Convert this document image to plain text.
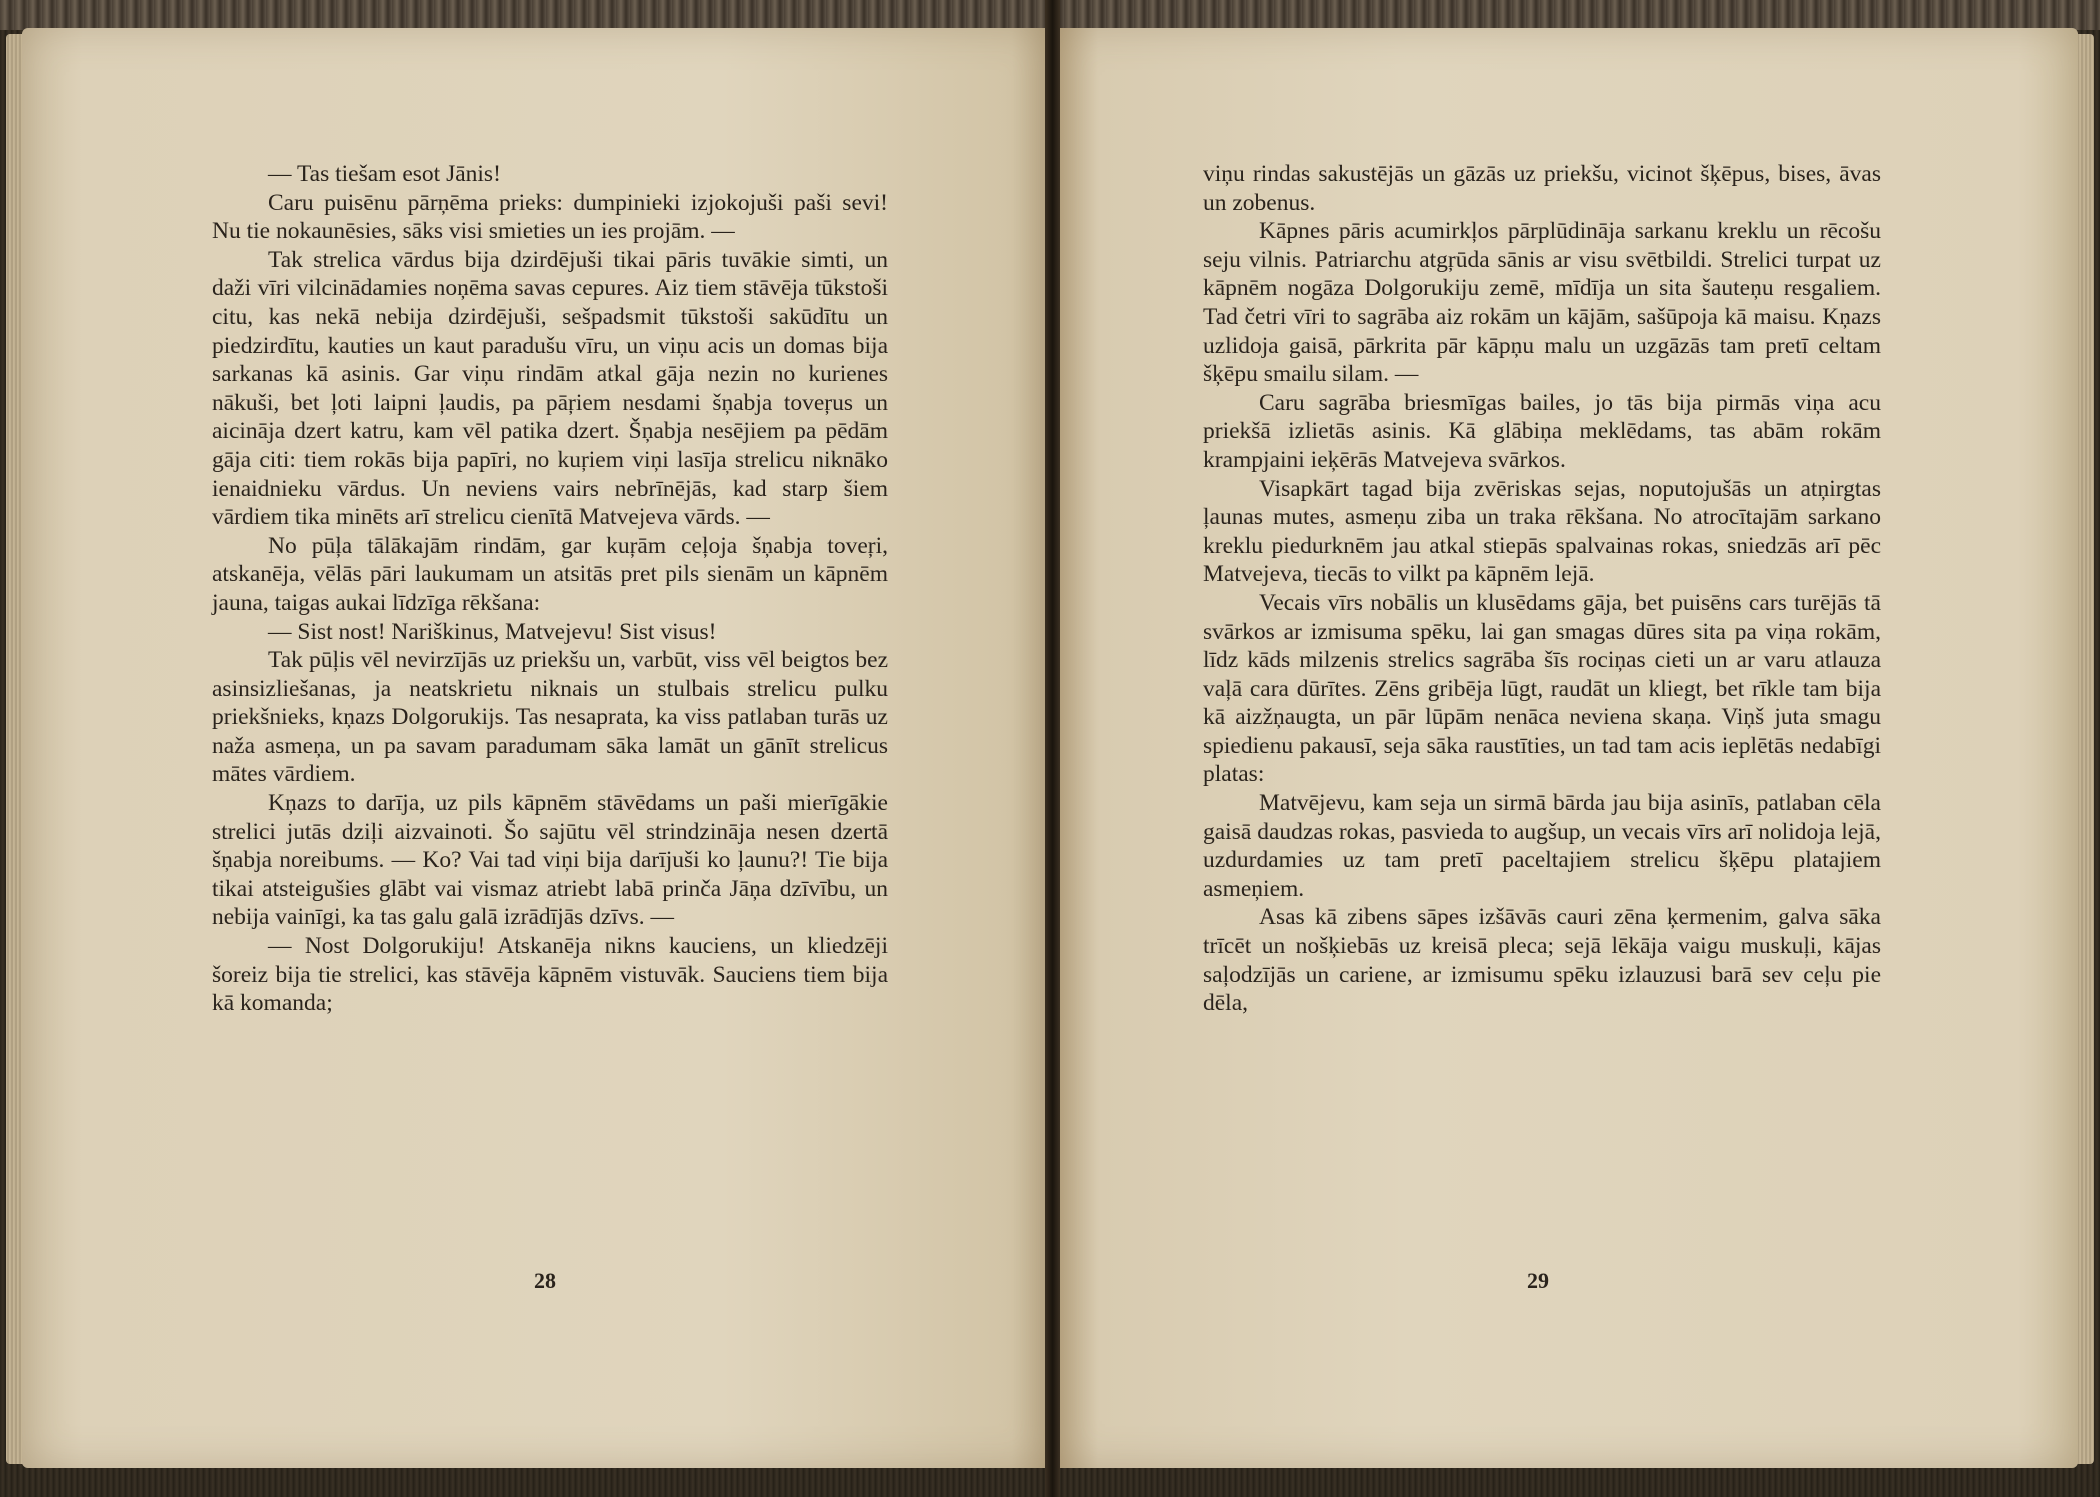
— Tas tiešam esot Jānis!

Caru puisēnu pārņēma prieks: dumpinieki izjokojuši paši sevi! Nu tie nokaunēsies, sāks visi smieties un ies projām. —

Tak strelica vārdus bija dzirdējuši tikai pāris tuvākie simti, un daži vīri vilcinādamies noņēma savas cepures. Aiz tiem stāvēja tūkstoši citu, kas nekā nebija dzirdējuši, sešpadsmit tūkstoši sakūdītu un piedzirdītu, kauties un kaut paradušu vīru, un viņu acis un domas bija sarkanas kā asinis. Gar viņu rindām atkal gāja nezin no kurienes nākuši, bet ļoti laipni ļaudis, pa pāŗiem nesdami šņabja toveŗus un aicināja dzert katru, kam vēl patika dzert. Šņabja nesējiem pa pēdām gāja citi: tiem rokās bija papīri, no kuŗiem viņi lasīja strelicu niknāko ienaidnieku vārdus. Un neviens vairs nebrīnējās, kad starp šiem vārdiem tika minēts arī strelicu cienītā Matvejeva vārds. —

No pūļa tālākajām rindām, gar kuŗām ceļoja šņabja toveŗi, atskanēja, vēlās pāri laukumam un atsitās pret pils sienām un kāpnēm jauna, taigas aukai līdzīga rēkšana:

— Sist nost! Nariškinus, Matvejevu! Sist visus!

Tak pūļis vēl nevirzījās uz priekšu un, varbūt, viss vēl beigtos bez asinsizliešanas, ja neatskrietu niknais un stulbais strelicu pulku priekšnieks, kņazs Dolgorukijs. Tas nesaprata, ka viss patlaban turās uz naža asmeņa, un pa savam paradumam sāka lamāt un gānīt strelicus mātes vārdiem.

Kņazs to darīja, uz pils kāpnēm stāvēdams un paši mierīgākie strelici jutās dziļi aizvainoti. Šo sajūtu vēl strindzināja nesen dzertā šņabja noreibums. — Ko? Vai tad viņi bija darījuši ko ļaunu?! Tie bija tikai atsteigušies glābt vai vismaz atriebt labā prinča Jāņa dzīvību, un nebija vainīgi, ka tas galu galā izrādījās dzīvs. —

— Nost Dolgorukiju! Atskanēja nikns kauciens, un kliedzēji šoreiz bija tie strelici, kas stāvēja kāpnēm vistuvāk. Sauciens tiem bija kā komanda;

28

viņu rindas sakustējās un gāzās uz priekšu, vicinot šķēpus, bises, āvas un zobenus.

Kāpnes pāris acumirkļos pārplūdināja sarkanu kreklu un rēcošu seju vilnis. Patriarchu atgŗūda sānis ar visu svētbildi. Strelici turpat uz kāpnēm nogāza Dolgorukiju zemē, mīdīja un sita šauteņu resgaliem. Tad četri vīri to sagrāba aiz rokām un kājām, sašūpoja kā maisu. Kņazs uzlidoja gaisā, pārkrita pār kāpņu malu un uzgāzās tam pretī celtam šķēpu smailu silam. —

Caru sagrāba briesmīgas bailes, jo tās bija pirmās viņa acu priekšā izlietās asinis. Kā glābiņa meklēdams, tas abām rokām krampjaini ieķērās Matvejeva svārkos.

Visapkārt tagad bija zvēriskas sejas, noputojušās un atņirgtas ļaunas mutes, asmeņu ziba un traka rēkšana. No atrocītajām sarkano kreklu piedurknēm jau atkal stiepās spalvainas rokas, sniedzās arī pēc Matvejeva, tiecās to vilkt pa kāpnēm lejā.

Vecais vīrs nobālis un klusēdams gāja, bet puisēns cars turējās tā svārkos ar izmisuma spēku, lai gan smagas dūres sita pa viņa rokām, līdz kāds milzenis strelics sagrāba šīs rociņas cieti un ar varu atlauza vaļā cara dūrītes. Zēns gribēja lūgt, raudāt un kliegt, bet rīkle tam bija kā aizžņaugta, un pār lūpām nenāca neviena skaņa. Viņš juta smagu spiedienu pakausī, seja sāka raustīties, un tad tam acis ieplētās nedabīgi platas:

Matvējevu, kam seja un sirmā bārda jau bija asinīs, patlaban cēla gaisā daudzas rokas, pasvieda to augšup, un vecais vīrs arī nolidoja lejā, uzdurdamies uz tam pretī paceltajiem strelicu šķēpu platajiem asmeņiem.

Asas kā zibens sāpes izšāvās cauri zēna ķermenim, galva sāka trīcēt un nošķiebās uz kreisā pleca; sejā lēkāja vaigu muskuļi, kājas saļodzījās un cariene, ar izmisumu spēku izlauzusi barā sev ceļu pie dēla,

29
